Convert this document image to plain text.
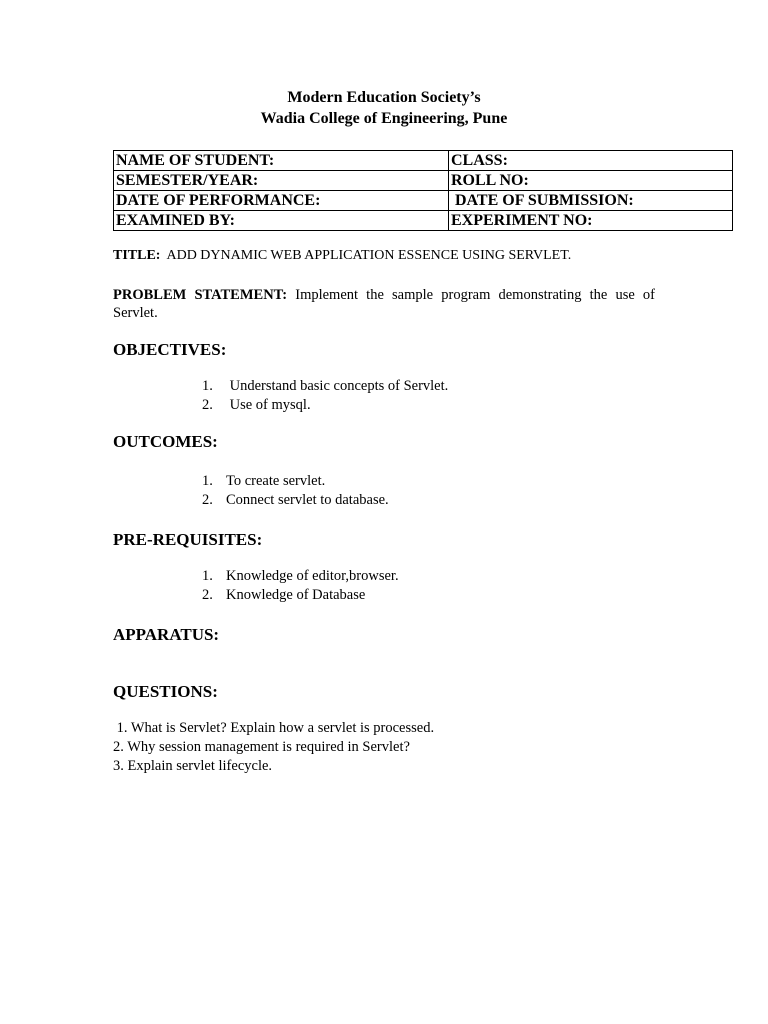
Modern Education Society’s
Wadia College of Engineering, Pune
NAME OF STUDENT:	CLASS:
SEMESTER/YEAR:	ROLL NO:
DATE OF PERFORMANCE:	DATE OF SUBMISSION:
EXAMINED BY:	EXPERIMENT NO:
TITLE: ADD DYNAMIC WEB APPLICATION ESSENCE USING SERVLET.
PROBLEM STATEMENT: Implement the sample program demonstrating the use of Servlet.
OBJECTIVES:
1. Understand basic concepts of Servlet.
2. Use of mysql.
OUTCOMES:
1. To create servlet.
2. Connect servlet to database.
PRE-REQUISITES:
1. Knowledge of editor,browser.
2. Knowledge of Database
APPARATUS:
QUESTIONS:
1. What is Servlet? Explain how a servlet is processed.
2. Why session management is required in Servlet?
3. Explain servlet lifecycle.
